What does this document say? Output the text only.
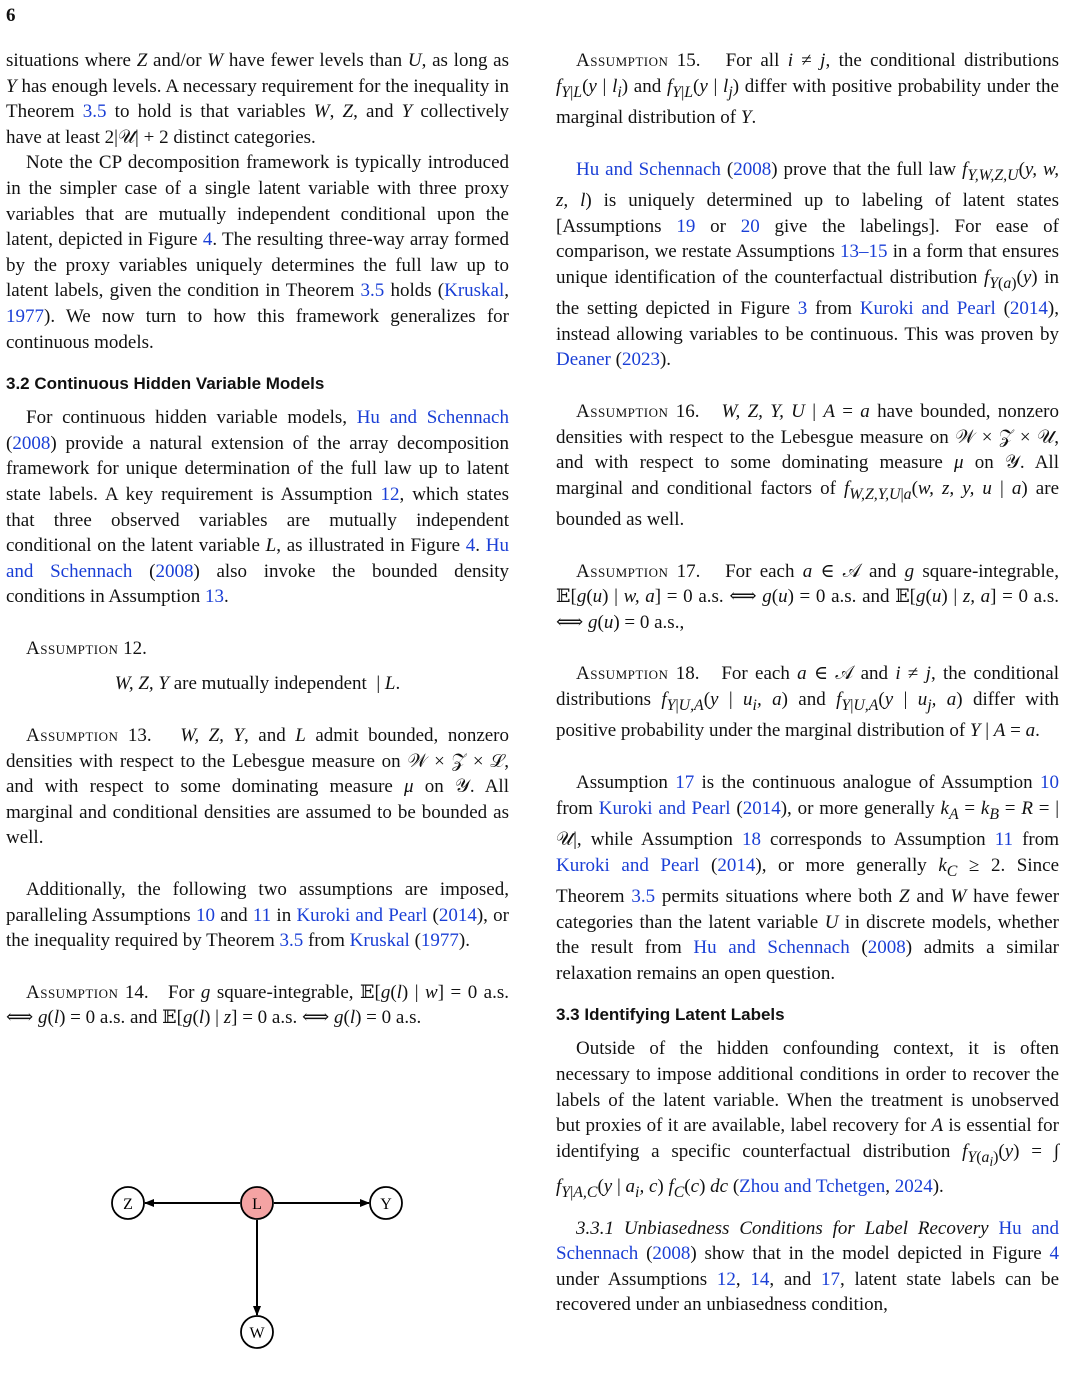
6

situations where Z and/or W have fewer levels than U, as long as Y has enough levels. A necessary requirement for the inequality in Theorem 3.5 to hold is that variables W, Z, and Y collectively have at least 2|𝒰| + 2 distinct categories.

Note the CP decomposition framework is typically introduced in the simpler case of a single latent variable with three proxy variables that are mutually independent conditional upon the latent, depicted in Figure 4. The resulting three-way array formed by the proxy variables uniquely determines the full law up to latent labels, given the condition in Theorem 3.5 holds (Kruskal, 1977). We now turn to how this framework generalizes for continuous models.

3.2 Continuous Hidden Variable Models

For continuous hidden variable models, Hu and Schennach (2008) provide a natural extension of the array decomposition framework for unique determination of the full law up to latent state labels. A key requirement is Assumption 12, which states that three observed variables are mutually independent conditional on the latent variable L, as illustrated in Figure 4. Hu and Schennach (2008) also invoke the bounded density conditions in Assumption 13.

Assumption 12.

W, Z, Y are mutually independent  | L.

Assumption 13.   W, Z, Y, and L admit bounded, nonzero densities with respect to the Lebesgue measure on 𝒲 × 𝒵 × ℒ, and with respect to some dominating measure μ on 𝒴. All marginal and conditional densities are assumed to be bounded as well.

Additionally, the following two assumptions are imposed, paralleling Assumptions 10 and 11 in Kuroki and Pearl (2014), or the inequality required by Theorem 3.5 from Kruskal (1977).

Assumption 14.   For g square-integrable, 𝔼[g(l) | w] = 0 a.s. ⟺ g(l) = 0 a.s. and 𝔼[g(l) | z] = 0 a.s. ⟺ g(l) = 0 a.s.

Z	L	Y
W

Assumption 15.   For all i ≠ j, the conditional distributions $f_{Y|L}(y$ | $l_i$) and $f_{Y|L}(y$ | $l_j$) differ with positive probability under the marginal distribution of Y.

Hu and Schennach (2008) prove that the full law $f_{Y,W,Z,U}(y$, w, z, l) is uniquely determined up to labeling of latent states [Assumptions 19 or 20 give the labelings]. For ease of comparison, we restate Assumptions 13–15 in a form that ensures unique identification of the counterfactual distribution $f_{Y(a)}(y)$ in the setting depicted in Figure 3 from Kuroki and Pearl (2014), instead allowing variables to be continuous. This was proven by Deaner (2023).

Assumption 16.   W, Z, Y, U | A = a have bounded, nonzero densities with respect to the Lebesgue measure on 𝒲 × 𝒵 × 𝒰, and with respect to some dominating measure μ on 𝒴. All marginal and conditional factors of $f_{W,Z,Y,U|a}(w$, z, y, u | a) are bounded as well.

Assumption 17.   For each a ∈ 𝒜 and g square-integrable, 𝔼[g(u) | w, a] = 0 a.s. ⟺ g(u) = 0 a.s. and 𝔼[g(u) | z, a] = 0 a.s. ⟺ g(u) = 0 a.s.,

Assumption 18.   For each a ∈ 𝒜 and i ≠ j, the conditional distributions $f_{Y|U,A}(y$ | $u_i$, a) and $f_{Y|U,A}(y$ | $u_j$, a) differ with positive probability under the marginal distribution of Y | A = a.

Assumption 17 is the continuous analogue of Assumption 10 from Kuroki and Pearl (2014), or more generally $k_A = k_B = R$ = |𝒰|, while Assumption 18 corresponds to Assumption 11 from Kuroki and Pearl (2014), or more generally $k_C \ge 2$. Since Theorem 3.5 permits situations where both Z and W have fewer categories than the latent variable U in discrete models, whether the result from Hu and Schennach (2008) admits a similar relaxation remains an open question.

3.3 Identifying Latent Labels

Outside of the hidden confounding context, it is often necessary to impose additional conditions in order to recover the labels of the latent variable. When the treatment is unobserved but proxies of it are available, label recovery for A is essential for identifying a specific counterfactual distribution $f_{Y(a_i)}(y)$ = ∫ $f_{Y|A,C}(y$ | $a_i$, c) $f_C(c)$ dc (Zhou and Tchetgen, 2024).

3.3.1 Unbiasedness Conditions for Label Recovery Hu and Schennach (2008) show that in the model depicted in Figure 4 under Assumptions 12, 14, and 17, latent state labels can be recovered under an unbiasedness condition,
